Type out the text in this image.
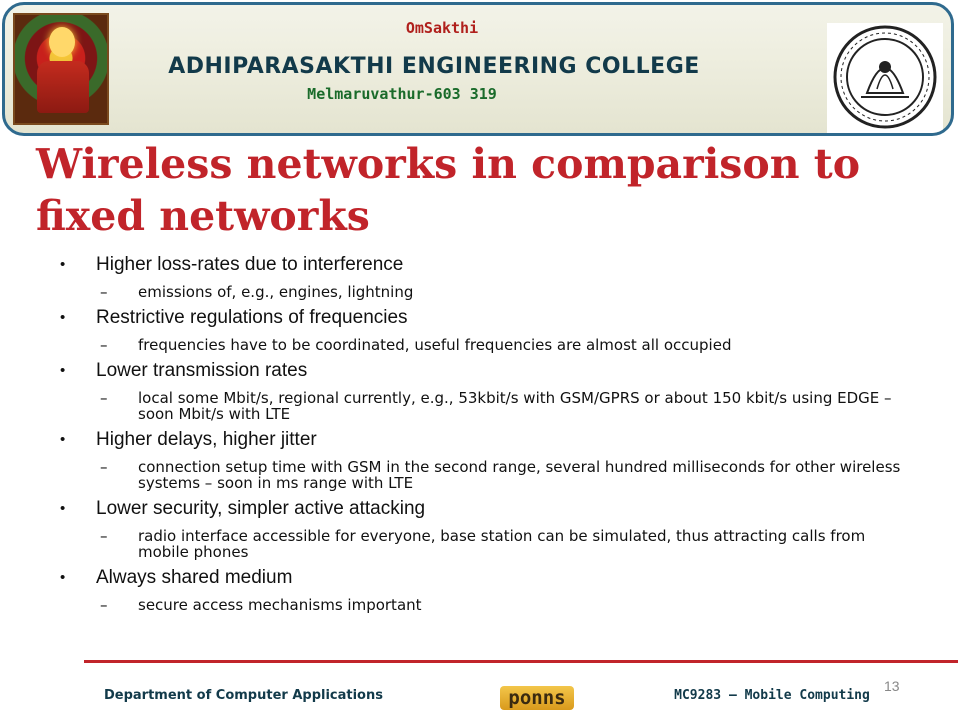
OmSakthi
ADHIPARASAKTHI ENGINEERING COLLEGE
Melmaruvathur-603 319
Wireless networks in comparison to fixed networks
• Higher loss-rates due to interference
– emissions of, e.g., engines, lightning
• Restrictive regulations of frequencies
– frequencies have to be coordinated, useful frequencies are almost all occupied
• Lower transmission rates
– local some Mbit/s, regional currently, e.g., 53kbit/s with GSM/GPRS or about 150 kbit/s using EDGE – soon Mbit/s with LTE
• Higher delays, higher jitter
– connection setup time with GSM in the second range, several hundred milliseconds for other wireless systems – soon in ms range with LTE
• Lower security, simpler active attacking
– radio interface accessible for everyone, base station can be simulated, thus attracting calls from mobile phones
• Always shared medium
– secure access mechanisms important
Department of Computer Applications	ponns	MC9283 – Mobile Computing
13
